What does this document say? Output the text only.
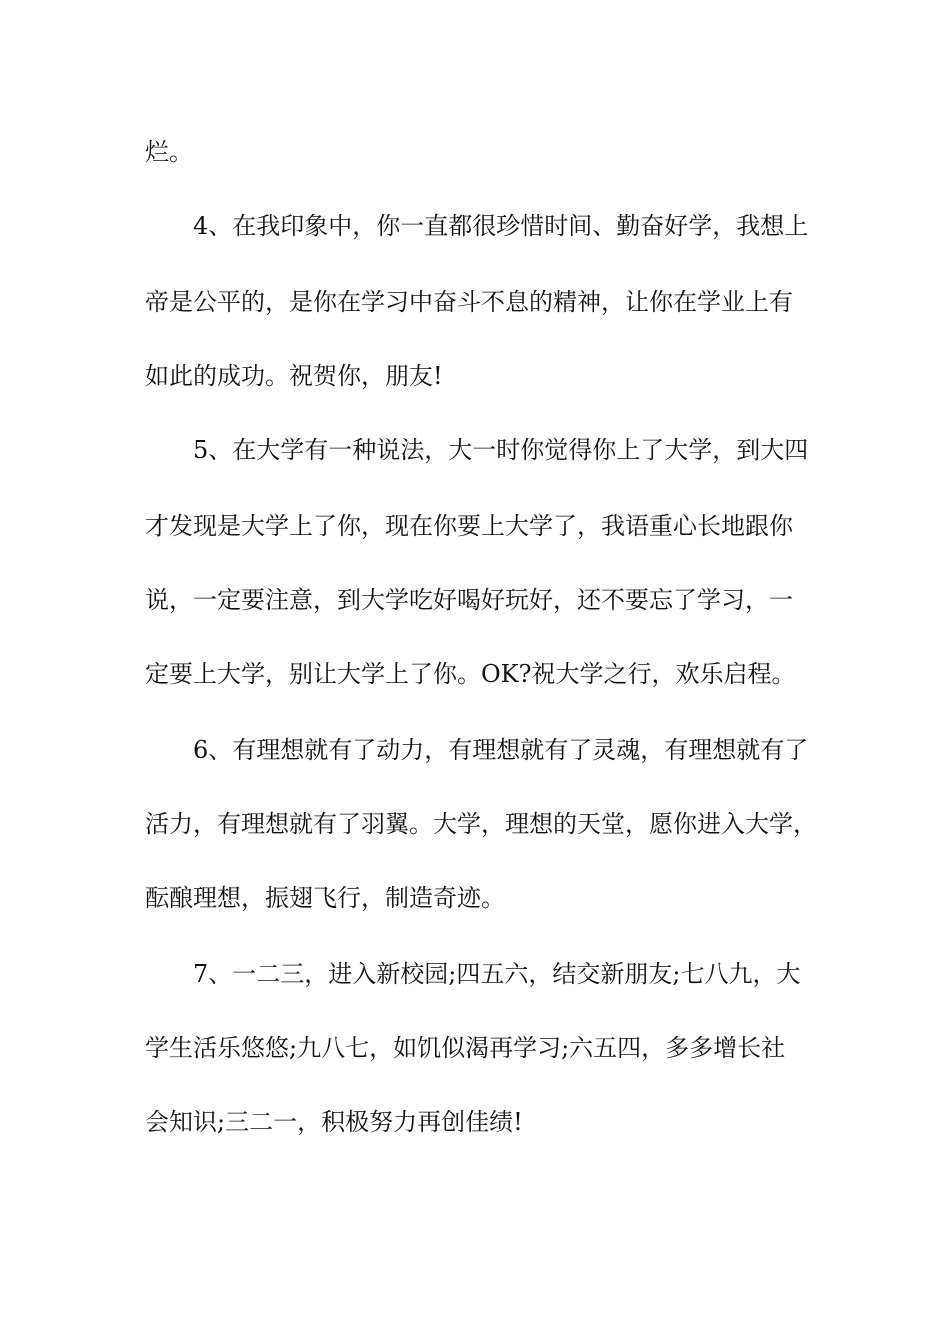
烂。

4、在我印象中，你一直都很珍惜时间、勤奋好学，我想上

帝是公平的，是你在学习中奋斗不息的精神，让你在学业上有

如此的成功。祝贺你，朋友!

5、在大学有一种说法，大一时你觉得你上了大学，到大四

才发现是大学上了你，现在你要上大学了，我语重心长地跟你

说，一定要注意，到大学吃好喝好玩好，还不要忘了学习，一

定要上大学，别让大学上了你。OK?祝大学之行，欢乐启程。

6、有理想就有了动力，有理想就有了灵魂，有理想就有了

活力，有理想就有了羽翼。大学，理想的天堂，愿你进入大学，

酝酿理想，振翅飞行，制造奇迹。

7、一二三，进入新校园;四五六，结交新朋友;七八九，大

学生活乐悠悠;九八七，如饥似渴再学习;六五四，多多增长社

会知识;三二一，积极努力再创佳绩!
